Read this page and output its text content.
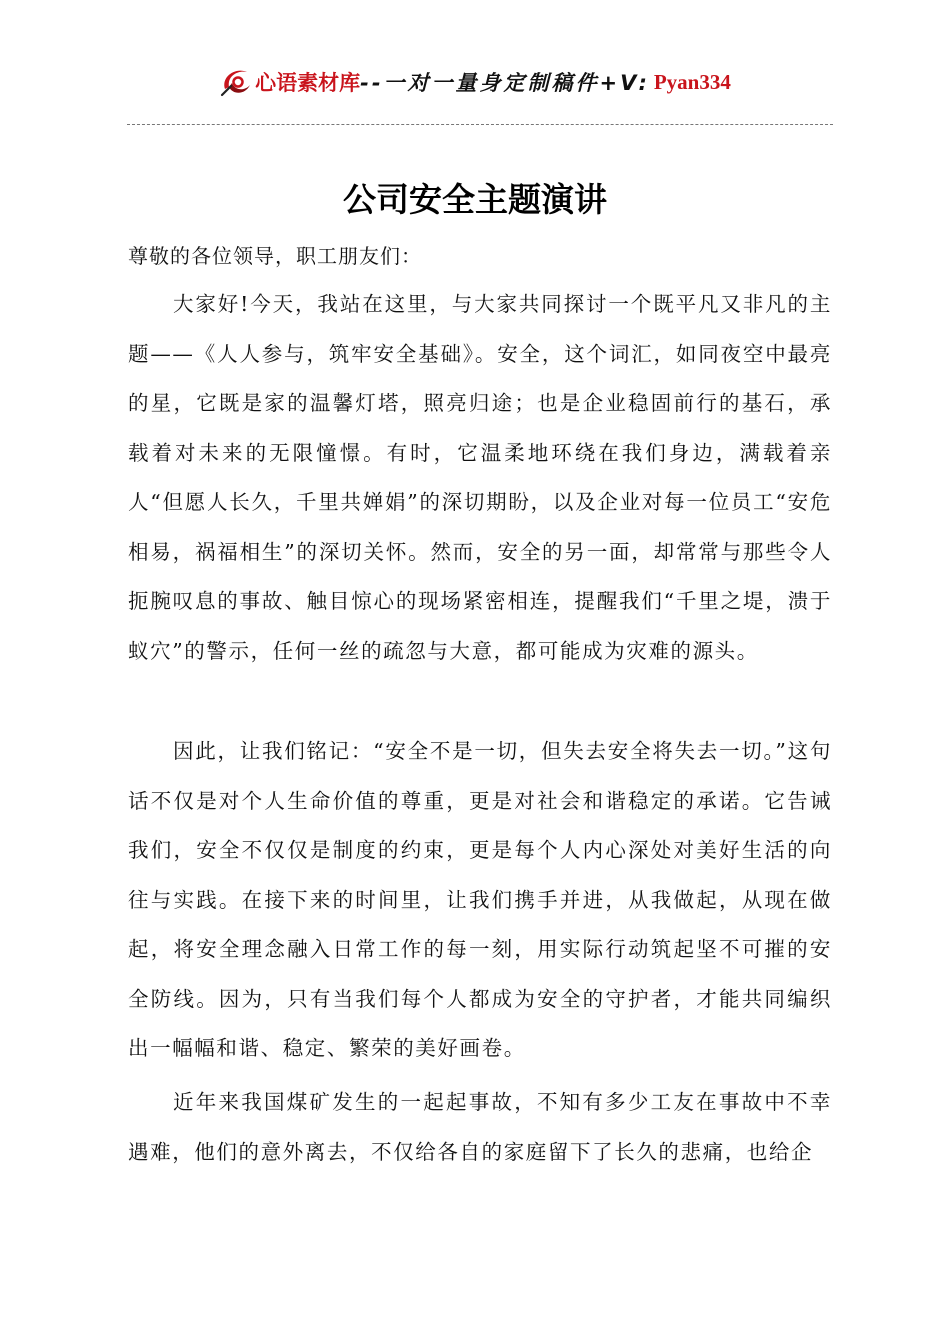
心语素材库 --一对一量身定制稿件+V: Pyan334
公司安全主题演讲

尊敬的各位领导，职工朋友们：

大家好!今天，我站在这里，与大家共同探讨一个既平凡又非凡的主题——《人人参与，筑牢安全基础》。安全，这个词汇，如同夜空中最亮的星，它既是家的温馨灯塔，照亮归途；也是企业稳固前行的基石，承载着对未来的无限憧憬。有时，它温柔地环绕在我们身边，满载着亲人“但愿人长久，千里共婵娟”的深切期盼，以及企业对每一位员工“安危相易，祸福相生”的深切关怀。然而，安全的另一面，却常常与那些令人扼腕叹息的事故、触目惊心的现场紧密相连，提醒我们“千里之堤，溃于蚁穴”的警示，任何一丝的疏忽与大意，都可能成为灾难的源头。

因此，让我们铭记：“安全不是一切，但失去安全将失去一切。”这句话不仅是对个人生命价值的尊重，更是对社会和谐稳定的承诺。它告诫我们，安全不仅仅是制度的约束，更是每个人内心深处对美好生活的向往与实践。在接下来的时间里，让我们携手并进，从我做起，从现在做起，将安全理念融入日常工作的每一刻，用实际行动筑起坚不可摧的安全防线。因为，只有当我们每个人都成为安全的守护者，才能共同编织出一幅幅和谐、稳定、繁荣的美好画卷。

近年来我国煤矿发生的一起起事故，不知有多少工友在事故中不幸遇难，他们的意外离去，不仅给各自的家庭留下了长久的悲痛，也给企
